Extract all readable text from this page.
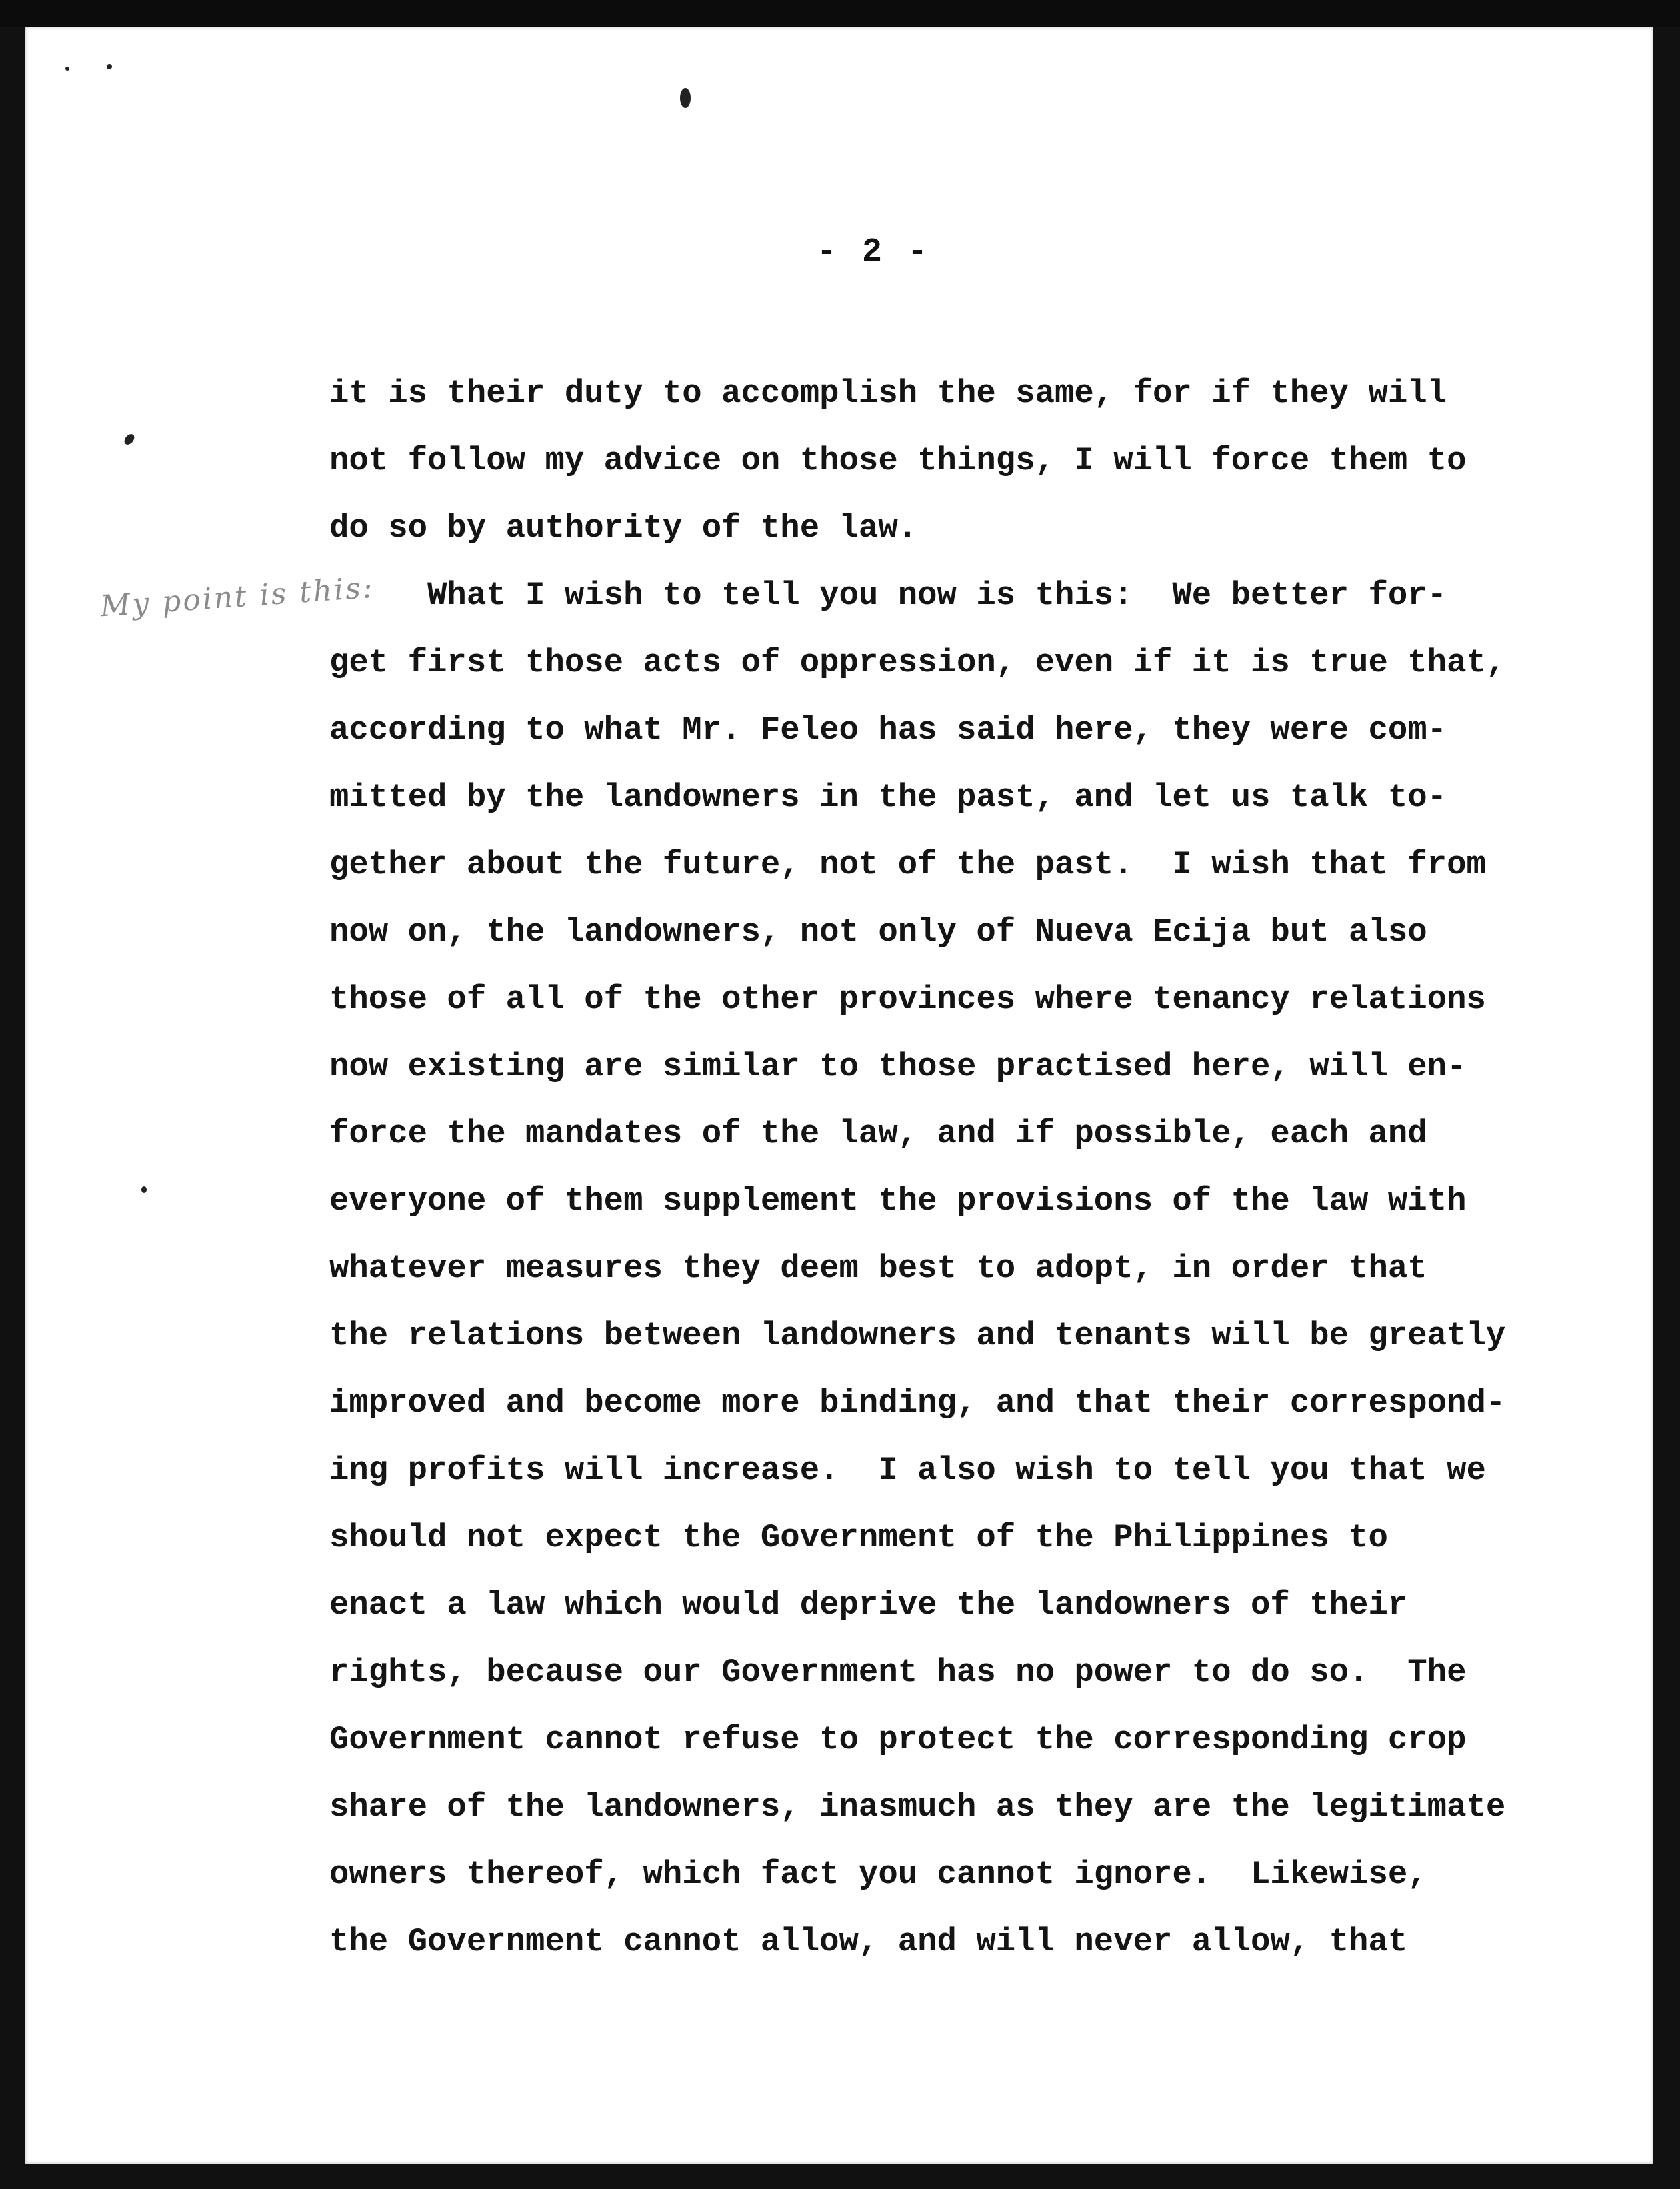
- 2 -
My point is this:
it is their duty to accomplish the same, for if they will
not follow my advice on those things, I will force them to
do so by authority of the law.
What I wish to tell you now is this:  We better for-
get first those acts of oppression, even if it is true that,
according to what Mr. Feleo has said here, they were com-
mitted by the landowners in the past, and let us talk to-
gether about the future, not of the past.  I wish that from
now on, the landowners, not only of Nueva Ecija but also
those of all of the other provinces where tenancy relations
now existing are similar to those practised here, will en-
force the mandates of the law, and if possible, each and
everyone of them supplement the provisions of the law with
whatever measures they deem best to adopt, in order that
the relations between landowners and tenants will be greatly
improved and become more binding, and that their correspond-
ing profits will increase.  I also wish to tell you that we
should not expect the Government of the Philippines to
enact a law which would deprive the landowners of their
rights, because our Government has no power to do so.  The
Government cannot refuse to protect the corresponding crop
share of the landowners, inasmuch as they are the legitimate
owners thereof, which fact you cannot ignore.  Likewise,
the Government cannot allow, and will never allow, that
